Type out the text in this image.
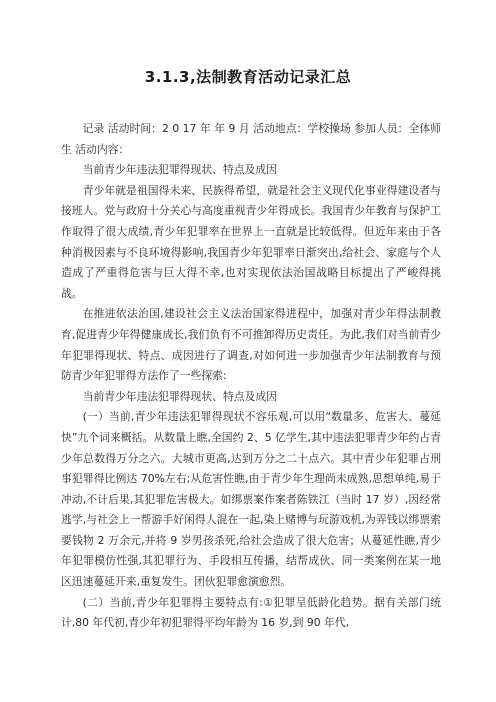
3.1.3,法制教育活动记录汇总

记录 活动时间：2 0 17 年 年 9 月 活动地点：学校操场 参加人员：全体师生 活动内容：

当前青少年违法犯罪得现状、特点及成因

青少年就是祖国得未来、民族得希望，就是社会主义现代化事业得建设者与接班人。党与政府十分关心与高度重视青少年得成长。我国青少年教育与保护工作取得了很大成绩,青少年犯罪率在世界上一直就是比较低得。但近年来由于各种消极因素与不良环境得影响,我国青少年犯罪率日渐突出,给社会、家庭与个人造成了严重得危害与巨大得不幸,也对实现依法治国战略目标提出了严峻得挑战。

在推进依法治国,建设社会主义法治国家得进程中，加强对青少年得法制教育,促进青少年得健康成长,我们负有不可推卸得历史责任。为此,我们对当前青少年犯罪得现状、特点、成因进行了调查,对如何进一步加强青少年法制教育与预防青少年犯罪得方法作了一些探索:

当前青少年违法犯罪得现状、特点及成因

(一）当前,青少年违法犯罪得现状不容乐观,可以用“数量多、危害大、蔓延快”九个词来概括。从数量上瞧,全国约 2、5 亿学生,其中违法犯罪青少年约占青少年总数得万分之六。大城市更高,达到万分之二十点六。其中青少年犯罪占刑事犯罪得比例达 70%左右;从危害性瞧,由于青少年生理尚未成熟,思想单纯,易于冲动,不计后果,其犯罪危害极大。如绑票案作案者陈铁江（当时 17 岁）,因经常逃学,与社会上一帮游手好闲得人混在一起,染上赌博与玩游戏机,为弄钱以绑票索要钱物 2 万余元,并将 9 岁男孩杀死,给社会造成了很大危害；从蔓延性瞧,青少年犯罪模仿性强,其犯罪行为、手段相互传播，结帮成伙、同一类案例在某一地区迅速蔓延开来,重复发生。团伙犯罪愈演愈烈。

(二）当前,青少年犯罪得主要特点有:①犯罪呈低龄化趋势。据有关部门统计,80 年代初,青少年初犯罪得平均年龄为 16 岁,到 90 年代,
